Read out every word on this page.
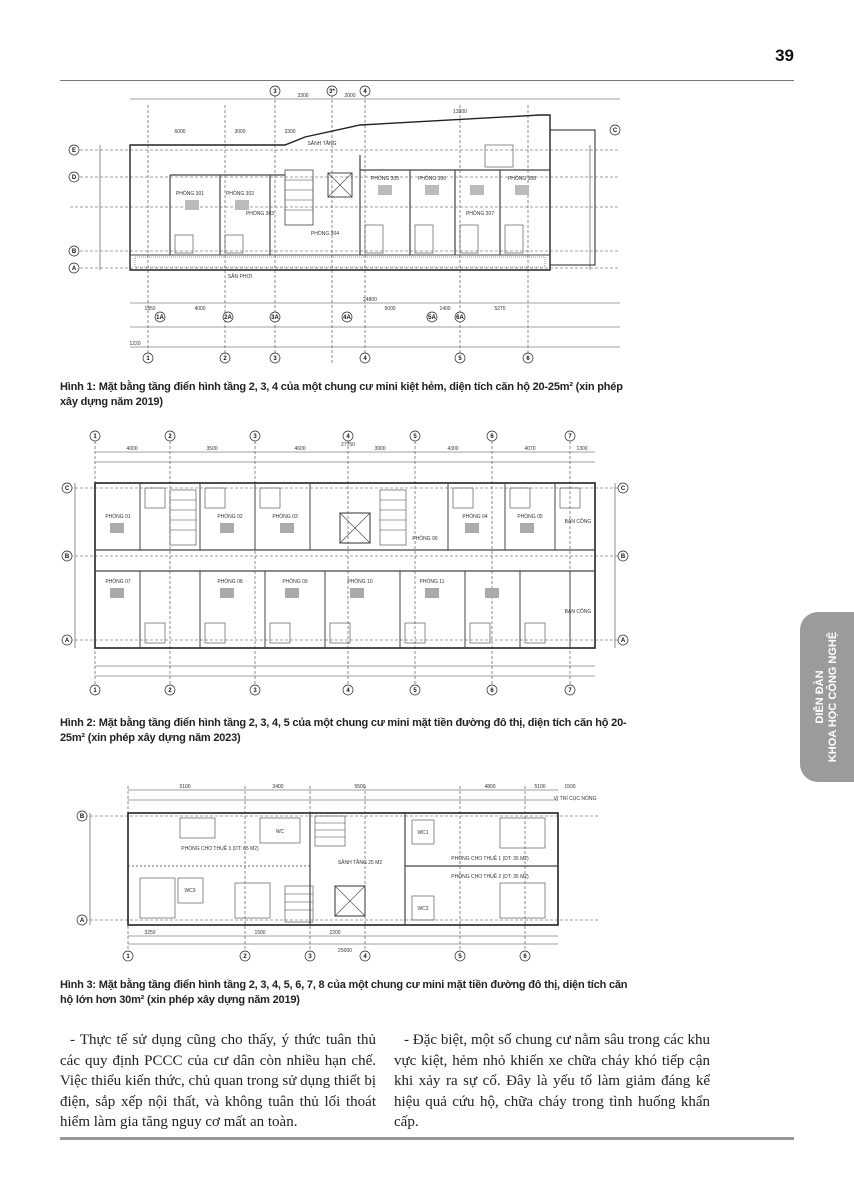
39
DIỄN ĐÀN KHOA HỌC CÔNG NGHỆ
3	3*	4
1A	2A	3A	4A	5A	6A
1	2	3	4	5	6
E
D
C
B
A
PHÒNG 301	PHÒNG 302
PHÒNG 303
PHÒNG 304
PHÒNG 305	PHÒNG 306
PHÒNG 307
PHÒNG 308
SẢNH TẦNG
SÂN PHƠI
3300	2000
13200
6000	3000	3300
24800
1950	4000	5000	1400	5270
1220
Hình 1: Mặt bằng tầng điển hình tầng 2, 3, 4 của một chung cư mini kiệt hẻm, diện tích căn hộ 20-25m² (xin phép xây dựng năm 2019)
1	2	3	4	5	6	7
1	2	3	4	5	6	7
C
B
A
C
B
A
PHÒNG 01	PHÒNG 02	PHÒNG 03	PHÒNG 04	PHÒNG 05
PHÒNG 06
PHÒNG 07	PHÒNG 08	PHÒNG 09	PHÒNG 10	PHÒNG 11
BAN CÔNG
BAN CÔNG
4000	3500	4600	3900
27750
4300	4070	1300
Hình 2: Mặt bằng tầng điển hình tầng 2, 3, 4, 5 của một chung cư mini mặt tiền đường đô thị, diện tích căn hộ 20-25m² (xin phép xây dựng năm 2023)
1	2	3	4	5	6
B
A
PHÒNG CHO THUÊ 3 (DT: 65 M2)
PHÒNG CHO THUÊ 1 (DT: 35 M2)
PHÒNG CHO THUÊ 2 (DT: 35 M2)
SẢNH TẦNG 25 M2
WC	WC1
WC2
WC3
VỊ TRÍ CỤC NÓNG
5100	3400	5500	4800	5100	1500
25000
3250	1500	2200
Hình 3: Mặt bằng tầng điển hình tầng 2, 3, 4, 5, 6, 7, 8 của một chung cư mini mặt tiền đường đô thị, diện tích căn hộ lớn hơn 30m² (xin phép xây dựng năm 2019)
- Thực tế sử dụng cũng cho thấy, ý thức tuân thủ các quy định PCCC của cư dân còn nhiều hạn chế. Việc thiếu kiến thức, chủ quan trong sử dụng thiết bị điện, sắp xếp nội thất, và không tuân thủ lối thoát hiểm làm gia tăng nguy cơ mất an toàn.
- Đặc biệt, một số chung cư nằm sâu trong các khu vực kiệt, hẻm nhỏ khiến xe chữa cháy khó tiếp cận khi xảy ra sự cố. Đây là yếu tố làm giảm đáng kể hiệu quả cứu hộ, chữa cháy trong tình huống khẩn cấp.
